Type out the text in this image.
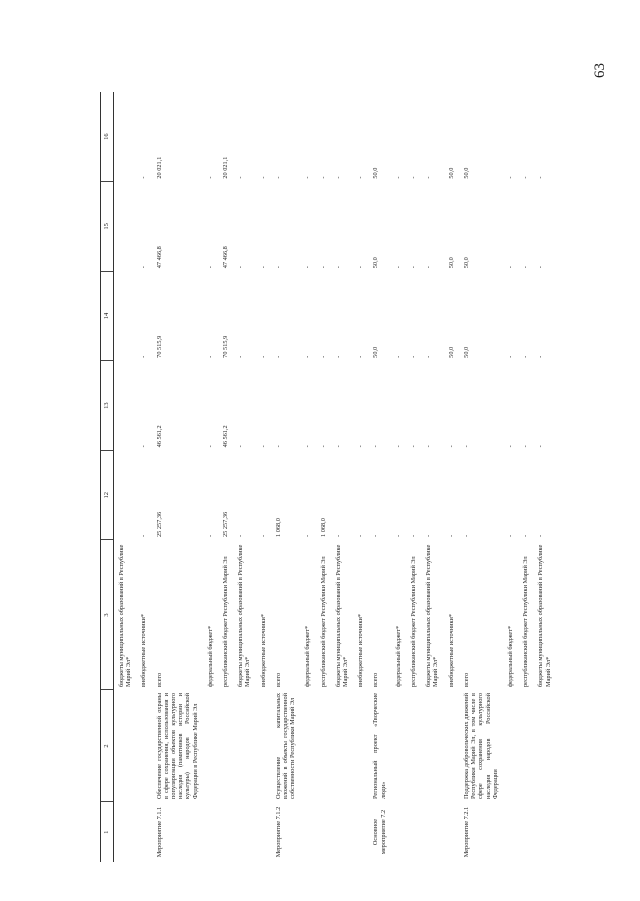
63
1	2	3	12	13	14	15	16
		бюджеты муниципальных образований в Республике Марий Эл*					
		внебюджетные источники*	-	-	-	-	-
Мероприятие 7.1.1	Обеспечение государственной охраны в сфере сохранения, использования и популяризации объектов культурного наследия (памятников истории и культуры) народов Российской Федерации в Республике Марий Эл	всего	25 257,36	46 561,2	70 515,9	47 466,8	20 021,1
		федеральный бюджет*	-	-	-	-	-
		республиканский бюджет Республики Марий Эл	25 257,36	46 561,2	70 515,9	47 466,8	20 021,1
		бюджеты муниципальных образований в Республике Марий Эл*	-	-	-	-	-
		внебюджетные источники*	-	-	-	-	-
Мероприятие 7.1.2	Осуществление капитальных вложений в объекты государственной собственности Республики Марий Эл	всего	1 068,0	-	-	-	-
		федеральный бюджет*	-	-	-	-	-
		республиканский бюджет Республики Марий Эл	1 068,0	-	-	-	-
		бюджеты муниципальных образований в Республике Марий Эл*	-	-	-	-	-
		внебюджетные источники*	-	-	-	-	-
Основное мероприятие 7.2	Региональный проект «Творческие люди»	всего	-	-	50,0	50,0	50,0
		федеральный бюджет*	-	-	-	-	-
		республиканский бюджет Республики Марий Эл	-	-	-	-	-
		бюджеты муниципальных образований в Республике Марий Эл*	-	-	-	-	-
		внебюджетные источники*	-	-	50,0	50,0	50,0
Мероприятие 7.2.1	Поддержка добровольческих движений Республики Марий Эл, в том числе в сфере сохранения культурного наследия народов Российской Федерации	всего	-	-	50,0	50,0	50,0
		федеральный бюджет*	-	-	-	-	-
		республиканский бюджет Республики Марий Эл	-	-	-	-	-
		бюджеты муниципальных образований в Республике Марий Эл*	-	-	-	-	-
